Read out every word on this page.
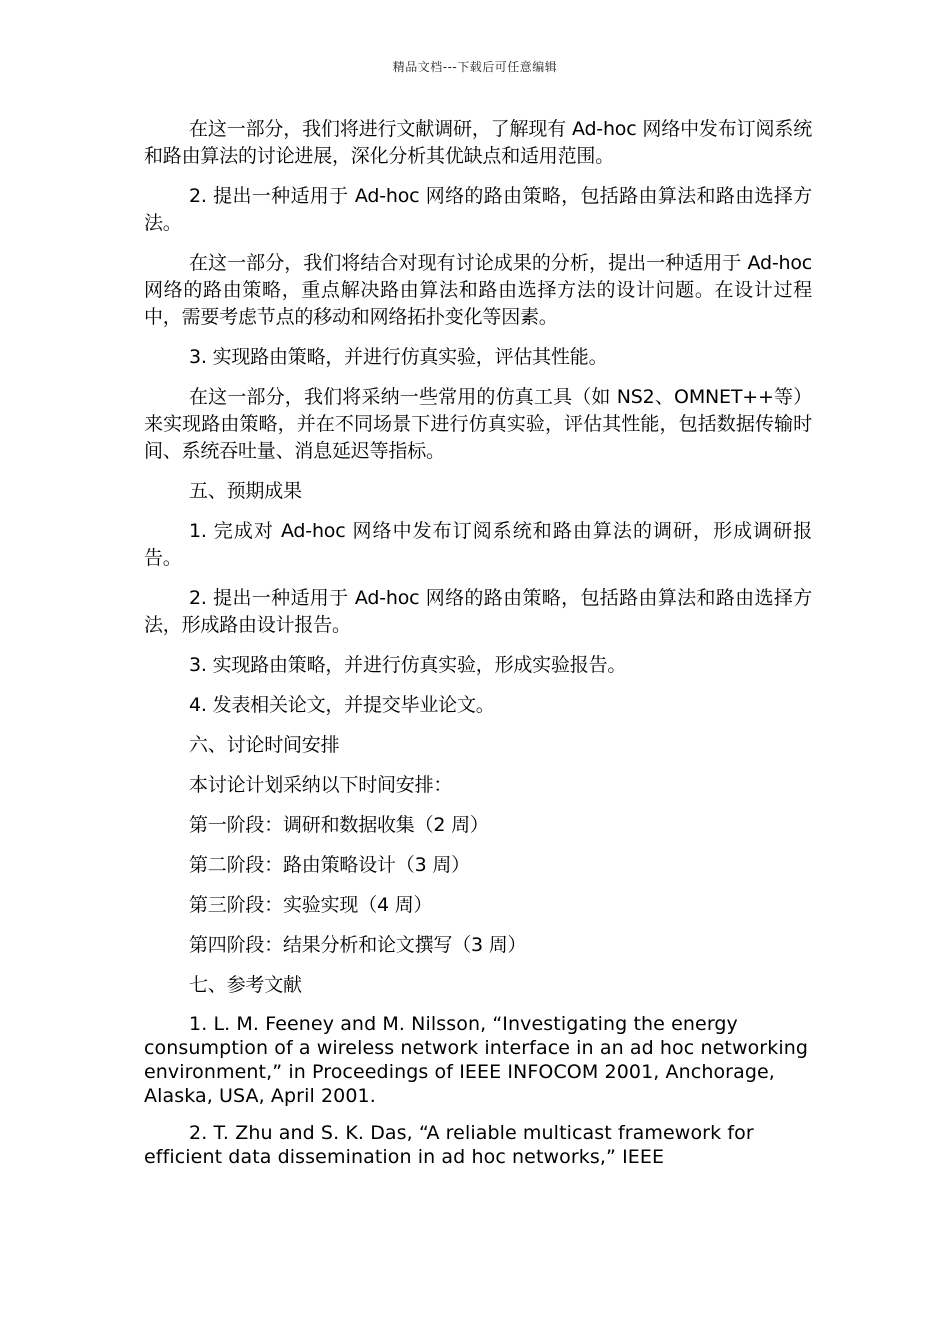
精品文档---下载后可任意编辑

在这一部分，我们将进行文献调研，了解现有 Ad-hoc 网络中发布订阅系统和路由算法的讨论进展，深化分析其优缺点和适用范围。

2. 提出一种适用于 Ad-hoc 网络的路由策略，包括路由算法和路由选择方法。

在这一部分，我们将结合对现有讨论成果的分析，提出一种适用于 Ad-hoc 网络的路由策略，重点解决路由算法和路由选择方法的设计问题。在设计过程中，需要考虑节点的移动和网络拓扑变化等因素。

3. 实现路由策略，并进行仿真实验，评估其性能。

在这一部分，我们将采纳一些常用的仿真工具（如 NS2、OMNET++等）来实现路由策略，并在不同场景下进行仿真实验，评估其性能，包括数据传输时间、系统吞吐量、消息延迟等指标。

五、预期成果

1. 完成对 Ad-hoc 网络中发布订阅系统和路由算法的调研，形成调研报告。

2. 提出一种适用于 Ad-hoc 网络的路由策略，包括路由算法和路由选择方法，形成路由设计报告。

3. 实现路由策略，并进行仿真实验，形成实验报告。

4. 发表相关论文，并提交毕业论文。

六、讨论时间安排

本讨论计划采纳以下时间安排：

第一阶段：调研和数据收集（2 周）

第二阶段：路由策略设计（3 周）

第三阶段：实验实现（4 周）

第四阶段：结果分析和论文撰写（3 周）

七、参考文献

1. L. M. Feeney and M. Nilsson, “Investigating the energy consumption of a wireless network interface in an ad hoc networking environment,” in Proceedings of IEEE INFOCOM 2001, Anchorage, Alaska, USA, April 2001.

2. T. Zhu and S. K. Das, “A reliable multicast framework for efficient data dissemination in ad hoc networks,” IEEE
